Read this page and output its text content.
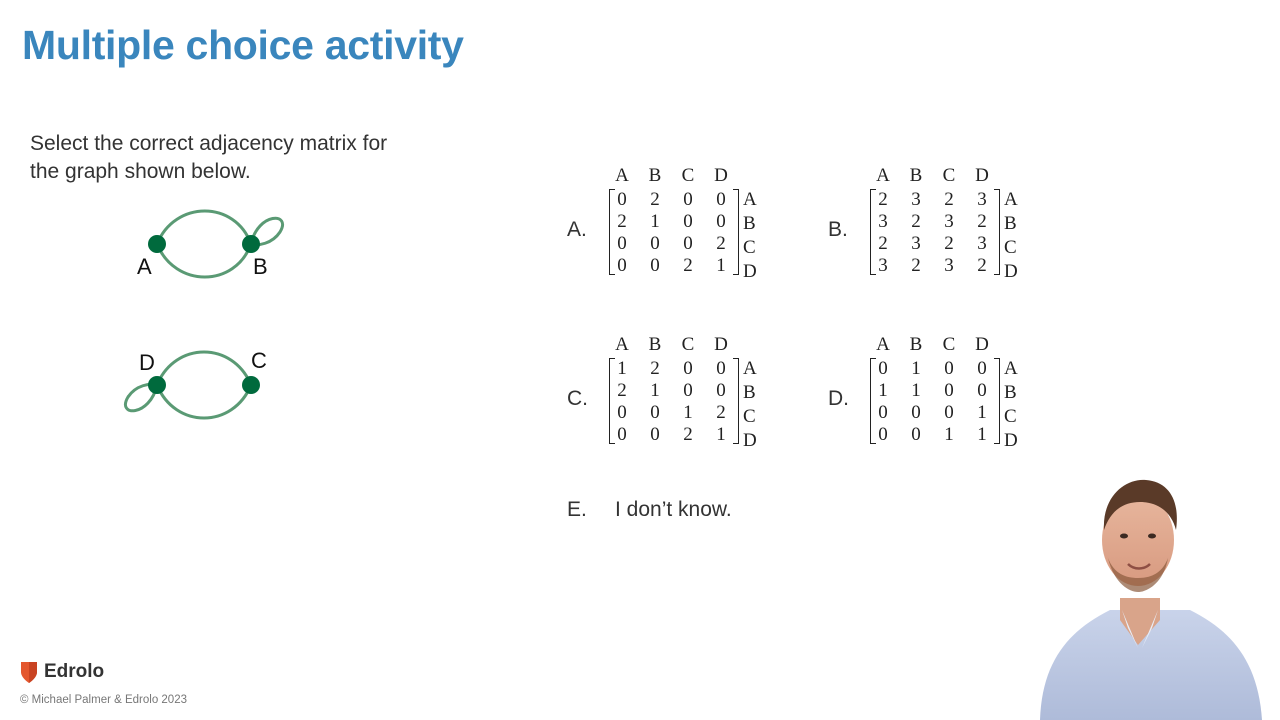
Multiple choice activity
Select the correct adjacency matrix for
the graph shown below.
A	B
D	C
A.
A B C D
0 2 0 0
2 1 0 0
0 0 0 2
0 0 2 1
A
B
C
D
B.
A B C D
2 3 2 3
3 2 3 2
2 3 2 3
3 2 3 2
A
B
C
D
C.
A B C D
1 2 0 0
2 1 0 0
0 0 1 2
0 0 2 1
A
B
C
D
D.
A B C D
0 1 0 0
1 1 0 0
0 0 0 1
0 0 1 1
A
B
C
D
E. I don’t know.
Edrolo
© Michael Palmer & Edrolo 2023
